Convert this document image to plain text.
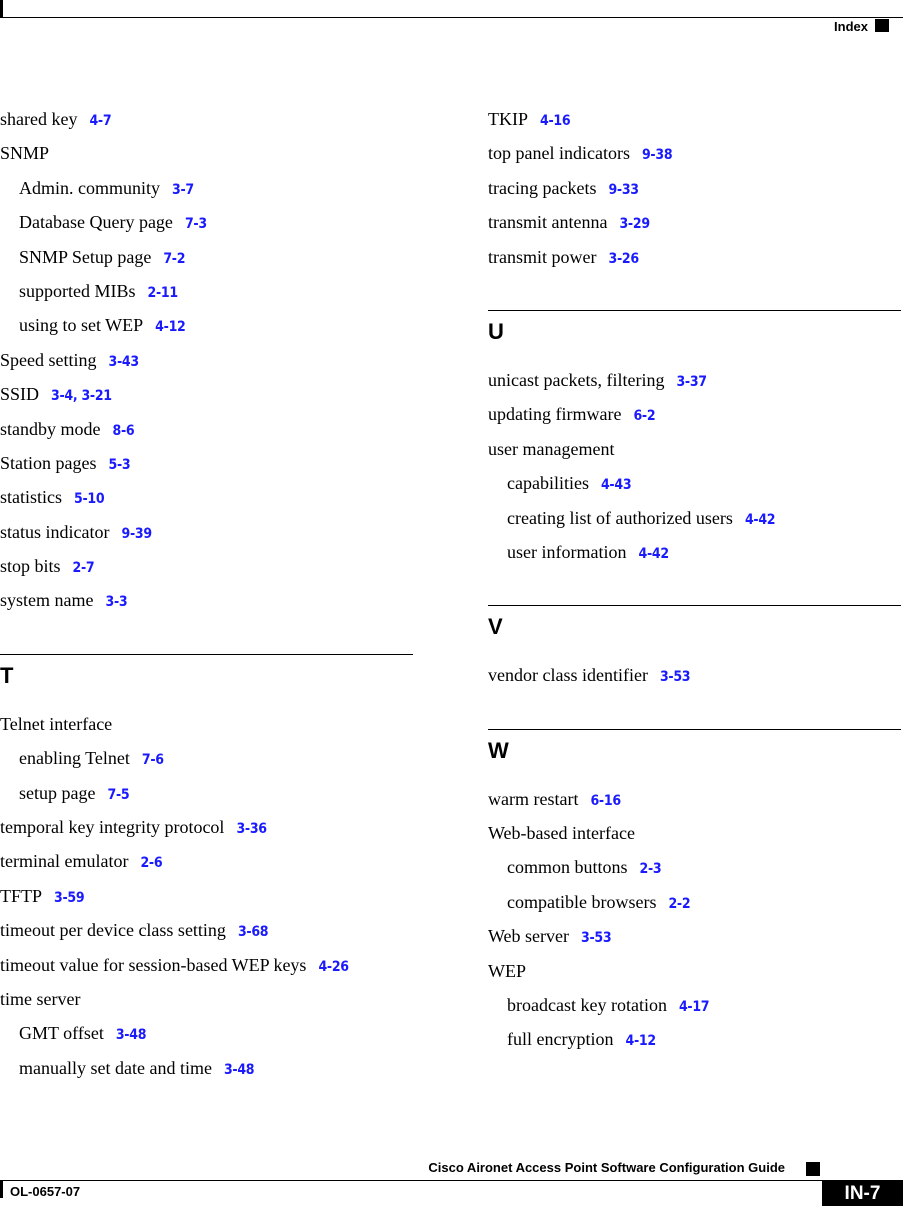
Index
shared key 4-7
SNMP
Admin. community 3-7
Database Query page 7-3
SNMP Setup page 7-2
supported MIBs 2-11
using to set WEP 4-12
Speed setting 3-43
SSID 3-4, 3-21
standby mode 8-6
Station pages 5-3
statistics 5-10
status indicator 9-39
stop bits 2-7
system name 3-3
T
Telnet interface
enabling Telnet 7-6
setup page 7-5
temporal key integrity protocol 3-36
terminal emulator 2-6
TFTP 3-59
timeout per device class setting 3-68
timeout value for session-based WEP keys 4-26
time server
GMT offset 3-48
manually set date and time 3-48
TKIP 4-16
top panel indicators 9-38
tracing packets 9-33
transmit antenna 3-29
transmit power 3-26
U
unicast packets, filtering 3-37
updating firmware 6-2
user management
capabilities 4-43
creating list of authorized users 4-42
user information 4-42
V
vendor class identifier 3-53
W
warm restart 6-16
Web-based interface
common buttons 2-3
compatible browsers 2-2
Web server 3-53
WEP
broadcast key rotation 4-17
full encryption 4-12
Cisco Aironet Access Point Software Configuration Guide
OL-0657-07	IN-7
